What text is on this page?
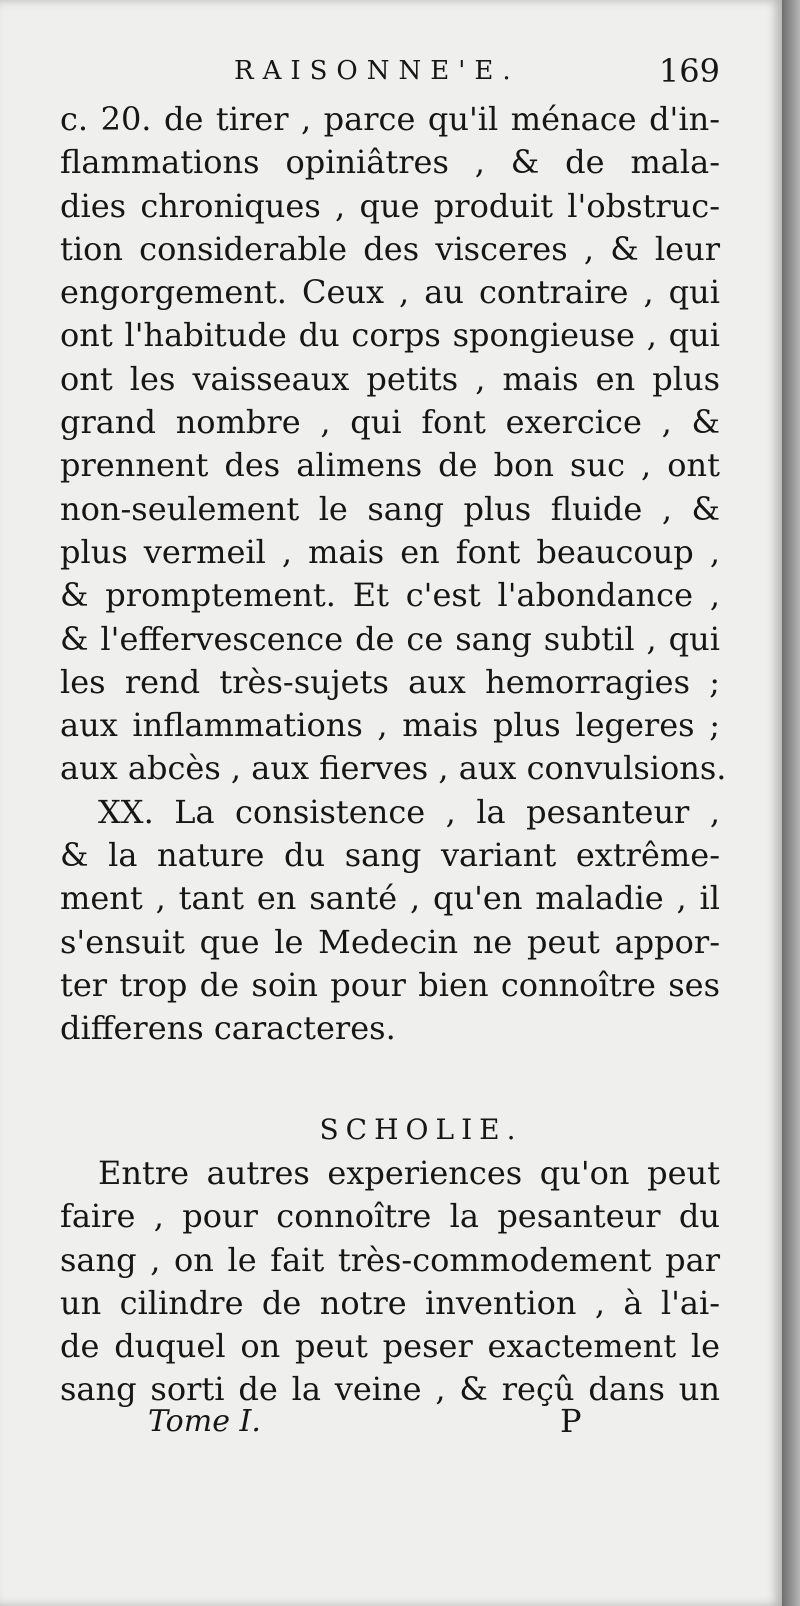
RAISONNE'E.	169
c. 20. de tirer , parce qu'il ménace d'in-
flammations opiniâtres , & de mala-
dies chroniques , que produit l'obstruc-
tion considerable des visceres , & leur
engorgement. Ceux , au contraire , qui
ont l'habitude du corps spongieuse , qui
ont les vaisseaux petits , mais en plus
grand nombre , qui font exercice , &
prennent des alimens de bon suc , ont
non-seulement le sang plus fluide , &
plus vermeil , mais en font beaucoup ,
& promptement. Et c'est l'abondance ,
& l'effervescence de ce sang subtil , qui
les rend très-sujets aux hemorragies ;
aux inflammations , mais plus legeres ;
aux abcès , aux fierves , aux convulsions.
XX. La consistence , la pesanteur ,
& la nature du sang variant extrême-
ment , tant en santé , qu'en maladie , il
s'ensuit que le Medecin ne peut appor-
ter trop de soin pour bien connoître ses
differens caracteres.
SCHOLIE.
Entre autres experiences qu'on peut
faire , pour connoître la pesanteur du
sang , on le fait très-commodement par
un cilindre de notre invention , à l'ai-
de duquel on peut peser exactement le
sang sorti de la veine , & reçû dans un
Tome I.	P
